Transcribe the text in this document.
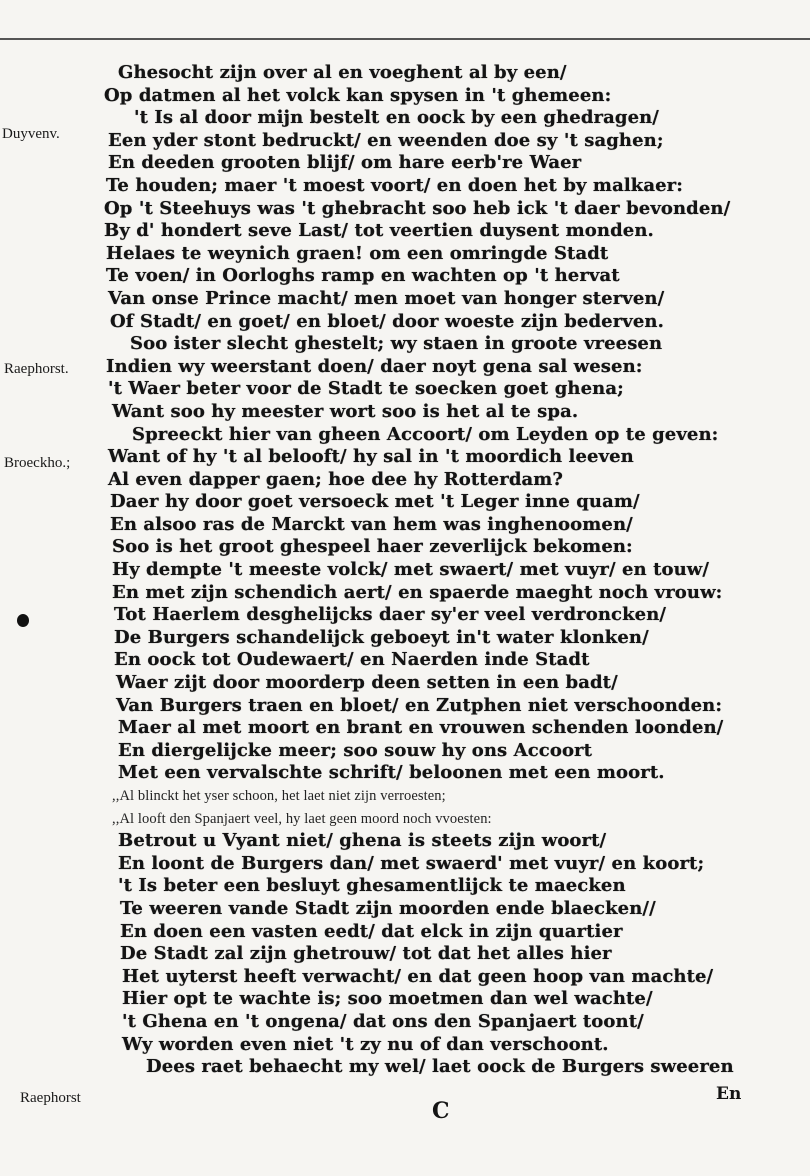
Duyvenv.
Raephorst.
Broeckho.;
Raephorst
Ghesocht zijn over al en voeghent al by een/
Op datmen al het volck kan spysen in 't ghemeen:
't Is al door mijn bestelt en oock by een ghedragen/
Een yder stont bedruckt/ en weenden doe sy 't saghen;
En deeden grooten blijf/ om hare eerb're Waer
Te houden; maer 't moest voort/ en doen het by malkaer:
Op 't Steehuys was 't ghebracht soo heb ick 't daer bevonden/
By d' hondert seve Last/ tot veertien duysent monden.
Helaes te weynich graen! om een omringde Stadt
Te voen/ in Oorloghs ramp en wachten op 't hervat
Van onse Prince macht/ men moet van honger sterven/
Of Stadt/ en goet/ en bloet/ door woeste zijn bederven.
Soo ister slecht ghestelt; wy staen in groote vreesen
Indien wy weerstant doen/ daer noyt gena sal wesen:
't Waer beter voor de Stadt te soecken goet ghena;
Want soo hy meester wort soo is het al te spa.
Spreeckt hier van gheen Accoort/ om Leyden op te geven:
Want of hy 't al belooft/ hy sal in 't moordich leeven
Al even dapper gaen; hoe dee hy Rotterdam?
Daer hy door goet versoeck met 't Leger inne quam/
En alsoo ras de Marckt van hem was inghenoomen/
Soo is het groot ghespeel haer zeverlijck bekomen:
Hy dempte 't meeste volck/ met swaert/ met vuyr/ en touw/
En met zijn schendich aert/ en spaerde maeght noch vrouw:
Tot Haerlem desghelijcks daer sy'er veel verdroncken/
De Burgers schandelijck geboeyt in't water klonken/
En oock tot Oudewaert/ en Naerden inde Stadt
Waer zijt door moorderp deen setten in een badt/
Van Burgers traen en bloet/ en Zutphen niet verschoonden:
Maer al met moort en brant en vrouwen schenden loonden/
En diergelijcke meer; soo souw hy ons Accoort
Met een vervalschte schrift/ beloonen met een moort.
,,Al blinckt het yser schoon, het laet niet zijn verroesten;
,,Al looft den Spanjaert veel, hy laet geen moord noch vvoesten:
Betrout u Vyant niet/ ghena is steets zijn woort/
En loont de Burgers dan/ met swaerd' met vuyr/ en koort;
't Is beter een besluyt ghesamentlijck te maecken
Te weeren vande Stadt zijn moorden ende blaecken//
En doen een vasten eedt/ dat elck in zijn quartier
De Stadt zal zijn ghetrouw/ tot dat het alles hier
Het uyterst heeft verwacht/ en dat geen hoop van machte/
Hier opt te wachte is; soo moetmen dan wel wachte/
't Ghena en 't ongena/ dat ons den Spanjaert toont/
Wy worden even niet 't zy nu of dan verschoont.
Dees raet behaecht my wel/ laet oock de Burgers sweeren
C
En
